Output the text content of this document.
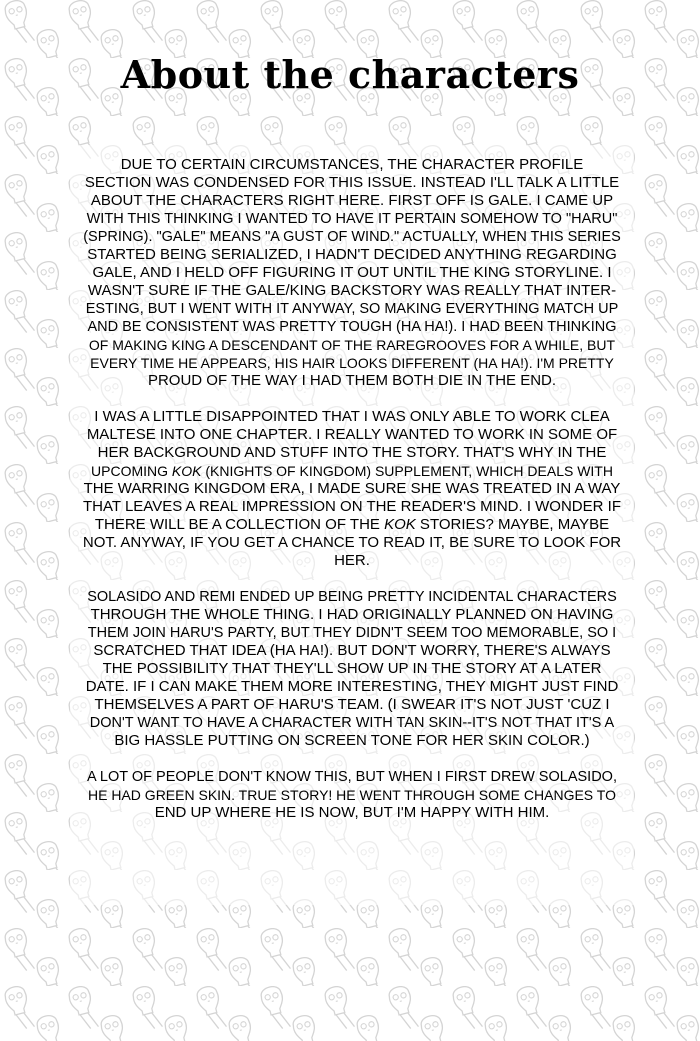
About the characters
DUE TO CERTAIN CIRCUMSTANCES, THE CHARACTER PROFILE
SECTION WAS CONDENSED FOR THIS ISSUE. INSTEAD I'LL TALK A LITTLE
ABOUT THE CHARACTERS RIGHT HERE. FIRST OFF IS GALE. I CAME UP
WITH THIS THINKING I WANTED TO HAVE IT PERTAIN SOMEHOW TO "HARU"
(SPRING). "GALE" MEANS "A GUST OF WIND." ACTUALLY, WHEN THIS SERIES
STARTED BEING SERIALIZED, I HADN'T DECIDED ANYTHING REGARDING
GALE, AND I HELD OFF FIGURING IT OUT UNTIL THE KING STORYLINE. I
WASN'T SURE IF THE GALE/KING BACKSTORY WAS REALLY THAT INTER-
ESTING, BUT I WENT WITH IT ANYWAY, SO MAKING EVERYTHING MATCH UP
AND BE CONSISTENT WAS PRETTY TOUGH (HA HA!). I HAD BEEN THINKING
OF MAKING KING A DESCENDANT OF THE RAREGROOVES FOR A WHILE, BUT
EVERY TIME HE APPEARS, HIS HAIR LOOKS DIFFERENT (HA HA!). I'M PRETTY
PROUD OF THE WAY I HAD THEM BOTH DIE IN THE END.
I WAS A LITTLE DISAPPOINTED THAT I WAS ONLY ABLE TO WORK CLEA
MALTESE INTO ONE CHAPTER. I REALLY WANTED TO WORK IN SOME OF
HER BACKGROUND AND STUFF INTO THE STORY. THAT'S WHY IN THE
UPCOMING KOK (KNIGHTS OF KINGDOM) SUPPLEMENT, WHICH DEALS WITH
THE WARRING KINGDOM ERA, I MADE SURE SHE WAS TREATED IN A WAY
THAT LEAVES A REAL IMPRESSION ON THE READER'S MIND. I WONDER IF
THERE WILL BE A COLLECTION OF THE KOK STORIES? MAYBE, MAYBE
NOT. ANYWAY, IF YOU GET A CHANCE TO READ IT, BE SURE TO LOOK FOR
HER.
SOLASIDO AND REMI ENDED UP BEING PRETTY INCIDENTAL CHARACTERS
THROUGH THE WHOLE THING. I HAD ORIGINALLY PLANNED ON HAVING
THEM JOIN HARU'S PARTY, BUT THEY DIDN'T SEEM TOO MEMORABLE, SO I
SCRATCHED THAT IDEA (HA HA!). BUT DON'T WORRY, THERE'S ALWAYS
THE POSSIBILITY THAT THEY'LL SHOW UP IN THE STORY AT A LATER
DATE. IF I CAN MAKE THEM MORE INTERESTING, THEY MIGHT JUST FIND
THEMSELVES A PART OF HARU'S TEAM. (I SWEAR IT'S NOT JUST 'CUZ I
DON'T WANT TO HAVE A CHARACTER WITH TAN SKIN--IT'S NOT THAT IT'S A
BIG HASSLE PUTTING ON SCREEN TONE FOR HER SKIN COLOR.)
A LOT OF PEOPLE DON'T KNOW THIS, BUT WHEN I FIRST DREW SOLASIDO,
HE HAD GREEN SKIN. TRUE STORY! HE WENT THROUGH SOME CHANGES TO
END UP WHERE HE IS NOW, BUT I'M HAPPY WITH HIM.
